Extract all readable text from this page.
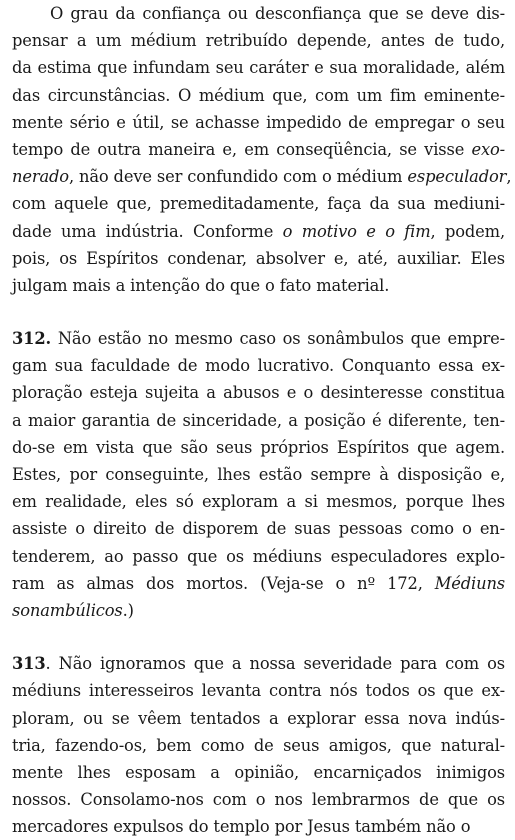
O grau da confiança ou desconfiança que se deve dis-
pensar a um médium retribuído depende, antes de tudo,
da estima que infundam seu caráter e sua moralidade, além
das circunstâncias. O médium que, com um fim eminente-
mente sério e útil, se achasse impedido de empregar o seu
tempo de outra maneira e, em conseqüência, se visse exo-
nerado, não deve ser confundido com o médium especulador,
com aquele que, premeditadamente, faça da sua mediuni-
dade uma indústria. Conforme o motivo e o fim, podem,
pois, os Espíritos condenar, absolver e, até, auxiliar. Eles
julgam mais a intenção do que o fato material.
312. Não estão no mesmo caso os sonâmbulos que empre-
gam sua faculdade de modo lucrativo. Conquanto essa ex-
ploração esteja sujeita a abusos e o desinteresse constitua
a maior garantia de sinceridade, a posição é diferente, ten-
do-se em vista que são seus próprios Espíritos que agem.
Estes, por conseguinte, lhes estão sempre à disposição e,
em realidade, eles só exploram a si mesmos, porque lhes
assiste o direito de disporem de suas pessoas como o en-
tenderem, ao passo que os médiuns especuladores explo-
ram as almas dos mortos. (Veja-se o nº 172, Médiuns
sonambúlicos.)
313. Não ignoramos que a nossa severidade para com os
médiuns interesseiros levanta contra nós todos os que ex-
ploram, ou se vêem tentados a explorar essa nova indús-
tria, fazendo-os, bem como de seus amigos, que natural-
mente lhes esposam a opinião, encarniçados inimigos
nossos. Consolamo-nos com o nos lembrarmos de que os
mercadores expulsos do templo por Jesus também não o
